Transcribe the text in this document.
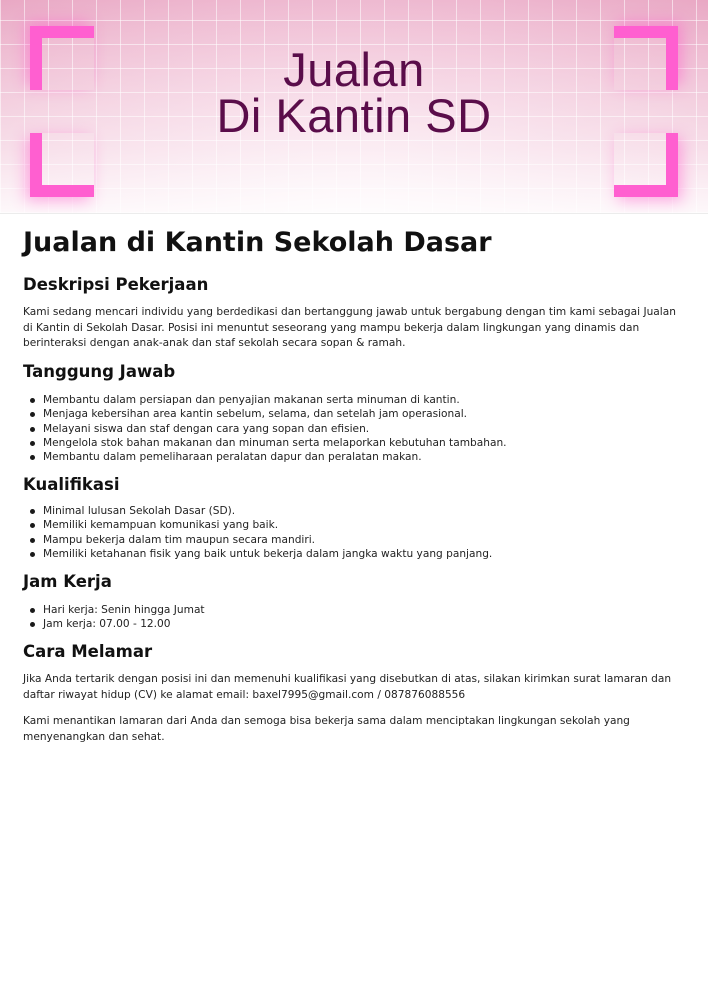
Jualan
Di Kantin SD
Jualan di Kantin Sekolah Dasar
Deskripsi Pekerjaan

Kami sedang mencari individu yang berdedikasi dan bertanggung jawab untuk bergabung dengan tim kami sebagai Jualan di Kantin di Sekolah Dasar. Posisi ini menuntut seseorang yang mampu bekerja dalam lingkungan yang dinamis dan berinteraksi dengan anak-anak dan staf sekolah secara sopan & ramah.

Tanggung Jawab
Membantu dalam persiapan dan penyajian makanan serta minuman di kantin.
Menjaga kebersihan area kantin sebelum, selama, dan setelah jam operasional.
Melayani siswa dan staf dengan cara yang sopan dan efisien.
Mengelola stok bahan makanan dan minuman serta melaporkan kebutuhan tambahan.
Membantu dalam pemeliharaan peralatan dapur dan peralatan makan.
Kualifikasi
Minimal lulusan Sekolah Dasar (SD).
Memiliki kemampuan komunikasi yang baik.
Mampu bekerja dalam tim maupun secara mandiri.
Memiliki ketahanan fisik yang baik untuk bekerja dalam jangka waktu yang panjang.
Jam Kerja
Hari kerja: Senin hingga Jumat
Jam kerja: 07.00 - 12.00
Cara Melamar

Jika Anda tertarik dengan posisi ini dan memenuhi kualifikasi yang disebutkan di atas, silakan kirimkan surat lamaran dan daftar riwayat hidup (CV) ke alamat email: baxel7995@gmail.com / 087876088556

Kami menantikan lamaran dari Anda dan semoga bisa bekerja sama dalam menciptakan lingkungan sekolah yang menyenangkan dan sehat.
